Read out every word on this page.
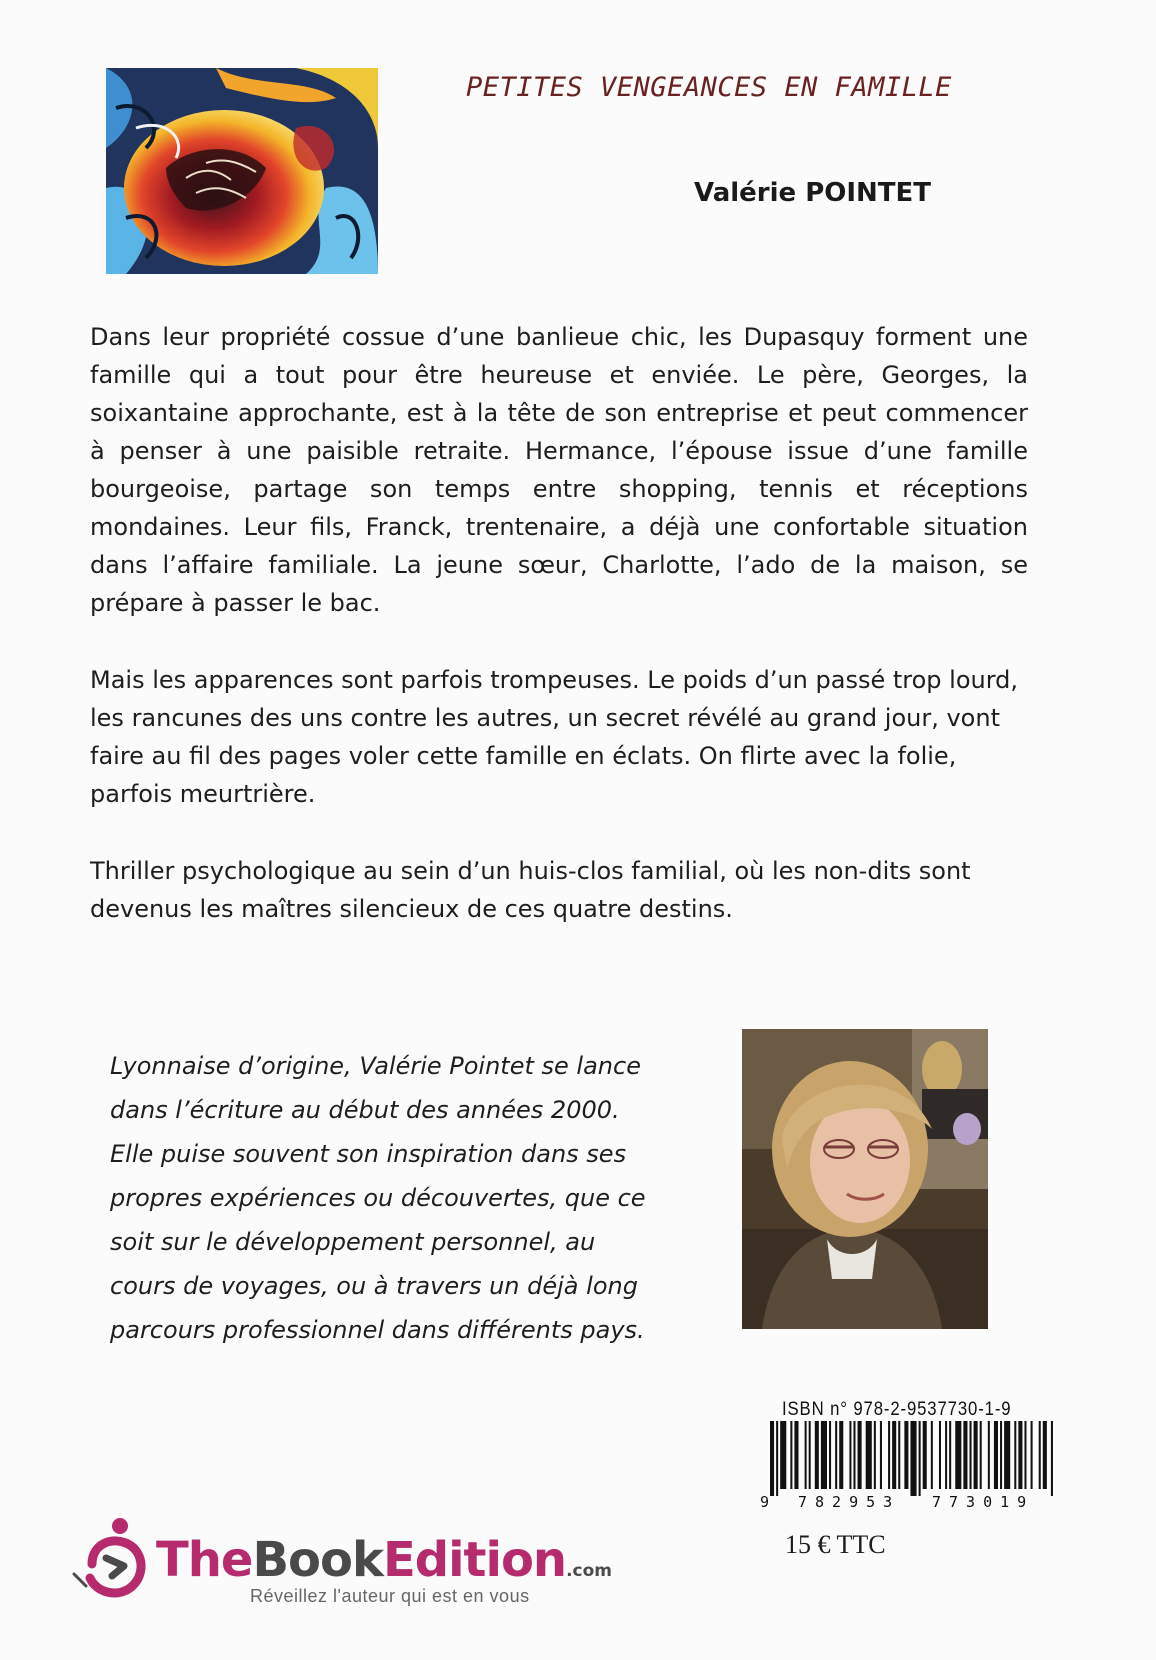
PETITES VENGEANCES EN FAMILLE
Valérie POINTET

Dans leur propriété cossue d’une banlieue chic, les Dupasquy forment une famille qui a tout pour être heureuse et enviée. Le père, Georges, la soixantaine approchante, est à la tête de son entreprise et peut commencer à penser à une paisible retraite. Hermance, l’épouse issue d’une famille bourgeoise, partage son temps entre shopping, tennis et réceptions mondaines. Leur fils, Franck, trentenaire, a déjà une confortable situation dans l’affaire familiale. La jeune sœur, Charlotte, l’ado de la maison, se prépare à passer le bac.

Mais les apparences sont parfois trompeuses. Le poids d’un passé trop lourd, les rancunes des uns contre les autres, un secret révélé au grand jour, vont faire au fil des pages voler cette famille en éclats. On flirte avec la folie, parfois meurtrière.

Thriller psychologique au sein d’un huis-clos familial, où les non-dits sont devenus les maîtres silencieux de ces quatre destins.

Lyonnaise d’origine, Valérie Pointet se lance
dans l’écriture au début des années 2000.
Elle puise souvent son inspiration dans ses
propres expériences ou découvertes, que ce
soit sur le développement personnel, au
cours de voyages, ou à travers un déjà long
parcours professionnel dans différents pays.

ISBN n° 978-2-9537730-1-9
9 782953 773019
15 € TTC
TheBookEdition.com
Réveillez l'auteur qui est en vous
